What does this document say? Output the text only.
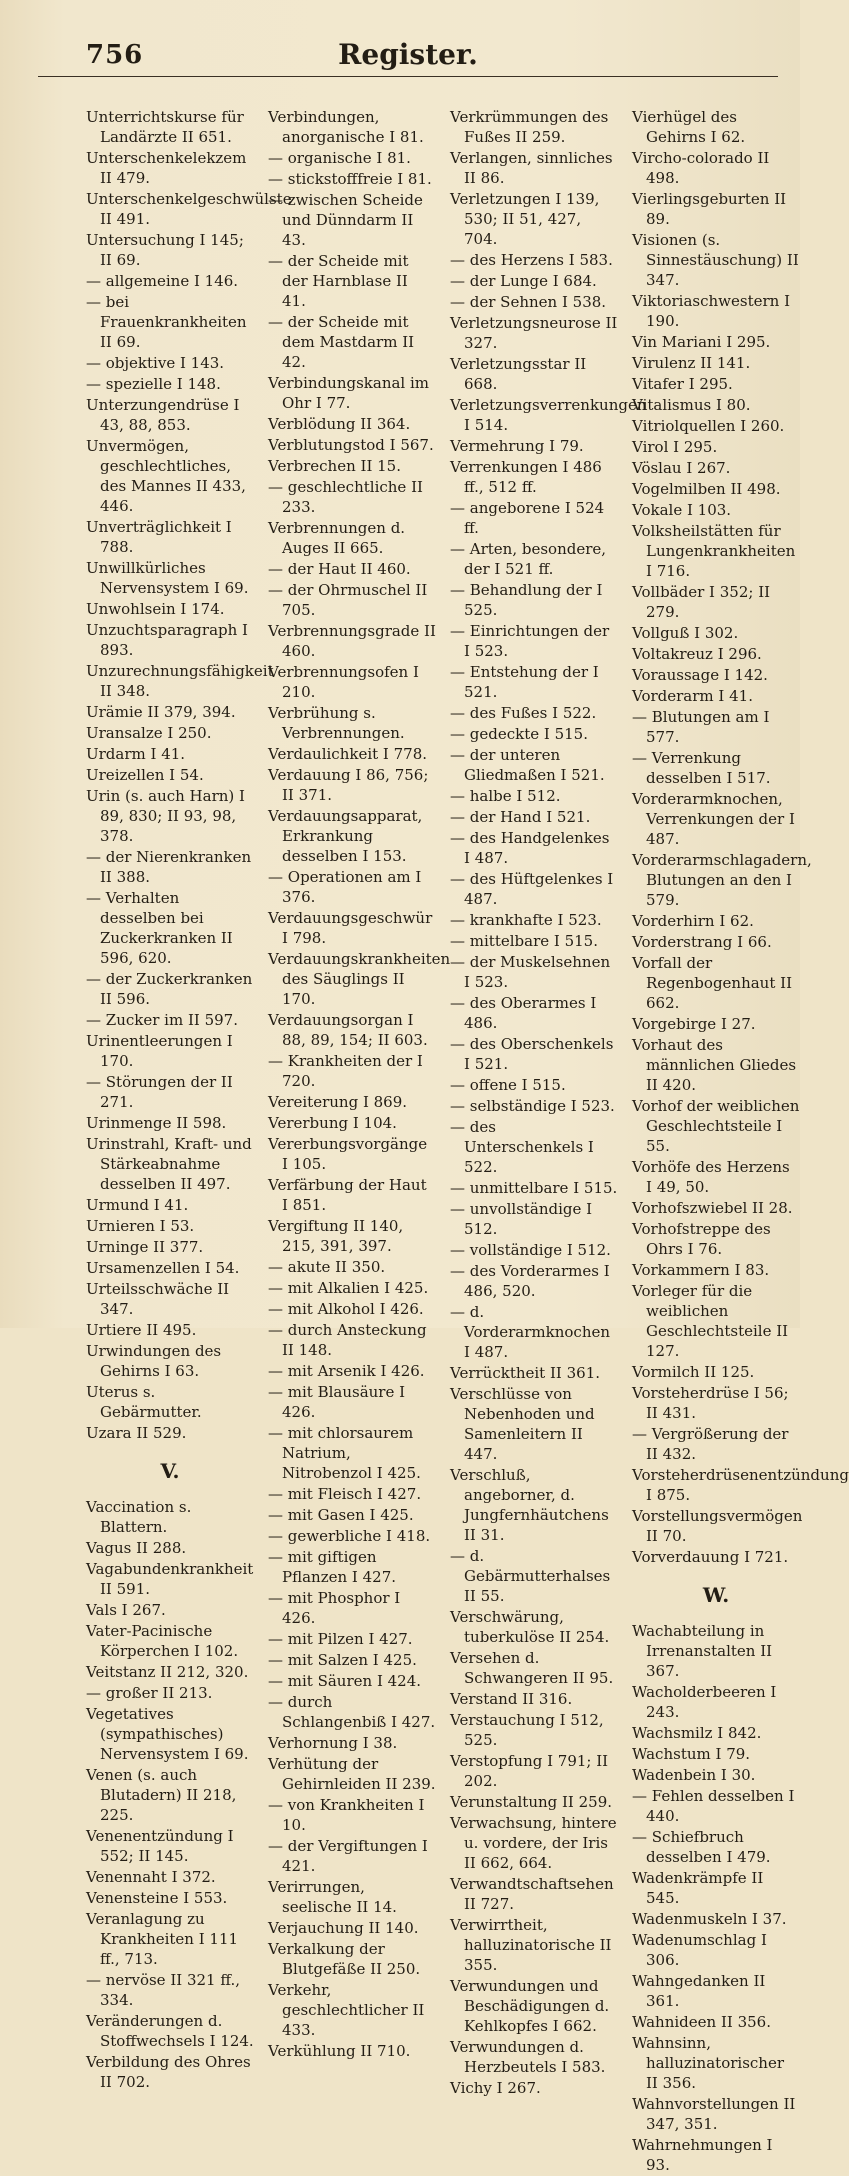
756	Register.
Unterrichtskurse für Landärzte II 651.
Unterschenkelekzem II 479.
Unterschenkelgeschwülste II 491.
Untersuchung I 145; II 69.
— allgemeine I 146.
— bei Frauenkrankheiten II 69.
— objektive I 143.
— spezielle I 148.
Unterzungendrüse I 43, 88, 853.
Unvermögen, geschlechtliches, des Mannes II 433, 446.
Unverträglichkeit I 788.
Unwillkürliches Nervensystem I 69.
Unwohlsein I 174.
Unzuchtsparagraph I 893.
Unzurechnungsfähigkeit II 348.
Urämie II 379, 394.
Uransalze I 250.
Urdarm I 41.
Ureizellen I 54.
Urin (s. auch Harn) I 89, 830; II 93, 98, 378.
— der Nierenkranken II 388.
— Verhalten desselben bei Zuckerkranken II 596, 620.
— der Zuckerkranken II 596.
— Zucker im II 597.
Urinentleerungen I 170.
— Störungen der II 271.
Urinmenge II 598.
Urinstrahl, Kraft- und Stärkeabnahme desselben II 497.
Urmund I 41.
Urnieren I 53.
Urninge II 377.
Ursamenzellen I 54.
Urteilsschwäche II 347.
Urtiere II 495.
Urwindungen des Gehirns I 63.
Uterus s. Gebärmutter.
Uzara II 529.
V.
Vaccination s. Blattern.
Vagus II 288.
Vagabundenkrankheit II 591.
Vals I 267.
Vater-Pacinische Körperchen I 102.
Veitstanz II 212, 320.
— großer II 213.
Vegetatives (sympathisches) Nervensystem I 69.
Venen (s. auch Blutadern) II 218, 225.
Venenentzündung I 552; II 145.
Venennaht I 372.
Venensteine I 553.
Veranlagung zu Krankheiten I 111 ff., 713.
— nervöse II 321 ff., 334.
Veränderungen d. Stoffwechsels I 124.
Verbildung des Ohres II 702.
Verbindungen, anorganische I 81.
— organische I 81.
— stickstofffreie I 81.
— zwischen Scheide und Dünndarm II 43.
— der Scheide mit der Harnblase II 41.
— der Scheide mit dem Mastdarm II 42.
Verbindungskanal im Ohr I 77.
Verblödung II 364.
Verblutungstod I 567.
Verbrechen II 15.
— geschlechtliche II 233.
Verbrennungen d. Auges II 665.
— der Haut II 460.
— der Ohrmuschel II 705.
Verbrennungsgrade II 460.
Verbrennungsofen I 210.
Verbrühung s. Verbrennungen.
Verdaulichkeit I 778.
Verdauung I 86, 756; II 371.
Verdauungsapparat, Erkrankung desselben I 153.
— Operationen am I 376.
Verdauungsgeschwür I 798.
Verdauungskrankheiten des Säuglings II 170.
Verdauungsorgan I 88, 89, 154; II 603.
— Krankheiten der I 720.
Vereiterung I 869.
Vererbung I 104.
Vererbungsvorgänge I 105.
Verfärbung der Haut I 851.
Vergiftung II 140, 215, 391, 397.
— akute II 350.
— mit Alkalien I 425.
— mit Alkohol I 426.
— durch Ansteckung II 148.
— mit Arsenik I 426.
— mit Blausäure I 426.
— mit chlorsaurem Natrium, Nitrobenzol I 425.
— mit Fleisch I 427.
— mit Gasen I 425.
— gewerbliche I 418.
— mit giftigen Pflanzen I 427.
— mit Phosphor I 426.
— mit Pilzen I 427.
— mit Salzen I 425.
— mit Säuren I 424.
— durch Schlangenbiß I 427.
Verhornung I 38.
Verhütung der Gehirnleiden II 239.
— von Krankheiten I 10.
— der Vergiftungen I 421.
Verirrungen, seelische II 14.
Verjauchung II 140.
Verkalkung der Blutgefäße II 250.
Verkehr, geschlechtlicher II 433.
Verkühlung II 710.
Verkrümmungen des Fußes II 259.
Verlangen, sinnliches II 86.
Verletzungen I 139, 530; II 51, 427, 704.
— des Herzens I 583.
— der Lunge I 684.
— der Sehnen I 538.
Verletzungsneurose II 327.
Verletzungsstar II 668.
Verletzungsverrenkungen I 514.
Vermehrung I 79.
Verrenkungen I 486 ff., 512 ff.
— angeborene I 524 ff.
— Arten, besondere, der I 521 ff.
— Behandlung der I 525.
— Einrichtungen der I 523.
— Entstehung der I 521.
— des Fußes I 522.
— gedeckte I 515.
— der unteren Gliedmaßen I 521.
— halbe I 512.
— der Hand I 521.
— des Handgelenkes I 487.
— des Hüftgelenkes I 487.
— krankhafte I 523.
— mittelbare I 515.
— der Muskelsehnen I 523.
— des Oberarmes I 486.
— des Oberschenkels I 521.
— offene I 515.
— selbständige I 523.
— des Unterschenkels I 522.
— unmittelbare I 515.
— unvollständige I 512.
— vollständige I 512.
— des Vorderarmes I 486, 520.
— d. Vorderarmknochen I 487.
Verrücktheit II 361.
Verschlüsse von Nebenhoden und Samenleitern II 447.
Verschluß, angeborner, d. Jungfernhäutchens II 31.
— d. Gebärmutterhalses II 55.
Verschwärung, tuberkulöse II 254.
Versehen d. Schwangeren II 95.
Verstand II 316.
Verstauchung I 512, 525.
Verstopfung I 791; II 202.
Verunstaltung II 259.
Verwachsung, hintere u. vordere, der Iris II 662, 664.
Verwandtschaftsehen II 727.
Verwirrtheit, halluzinatorische II 355.
Verwundungen und Beschädigungen d. Kehlkopfes I 662.
Verwundungen d. Herzbeutels I 583.
Vichy I 267.
Vierhügel des Gehirns I 62.
Vircho-colorado II 498.
Vierlingsgeburten II 89.
Visionen (s. Sinnestäuschung) II 347.
Viktoriaschwestern I 190.
Vin Mariani I 295.
Virulenz II 141.
Vitafer I 295.
Vitalismus I 80.
Vitriolquellen I 260.
Virol I 295.
Vöslau I 267.
Vogelmilben II 498.
Vokale I 103.
Volksheilstätten für Lungenkrankheiten I 716.
Vollbäder I 352; II 279.
Vollguß I 302.
Voltakreuz I 296.
Voraussage I 142.
Vorderarm I 41.
— Blutungen am I 577.
— Verrenkung desselben I 517.
Vorderarmknochen, Verrenkungen der I 487.
Vorderarmschlagadern, Blutungen an den I 579.
Vorderhirn I 62.
Vorderstrang I 66.
Vorfall der Regenbogenhaut II 662.
Vorgebirge I 27.
Vorhaut des männlichen Gliedes II 420.
Vorhof der weiblichen Geschlechtsteile I 55.
Vorhöfe des Herzens I 49, 50.
Vorhofszwiebel II 28.
Vorhofstreppe des Ohrs I 76.
Vorkammern I 83.
Vorleger für die weiblichen Geschlechtsteile II 127.
Vormilch II 125.
Vorsteherdrüse I 56; II 431.
— Vergrößerung der II 432.
Vorsteherdrüsenentzündung I 875.
Vorstellungsvermögen II 70.
Vorverdauung I 721.
W.
Wachabteilung in Irrenanstalten II 367.
Wacholderbeeren I 243.
Wachsmilz I 842.
Wachstum I 79.
Wadenbein I 30.
— Fehlen desselben I 440.
— Schiefbruch desselben I 479.
Wadenkrämpfe II 545.
Wadenmuskeln I 37.
Wadenumschlag I 306.
Wahngedanken II 361.
Wahnideen II 356.
Wahnsinn, halluzinatorischer II 356.
Wahnvorstellungen II 347, 351.
Wahrnehmungen I 93.
